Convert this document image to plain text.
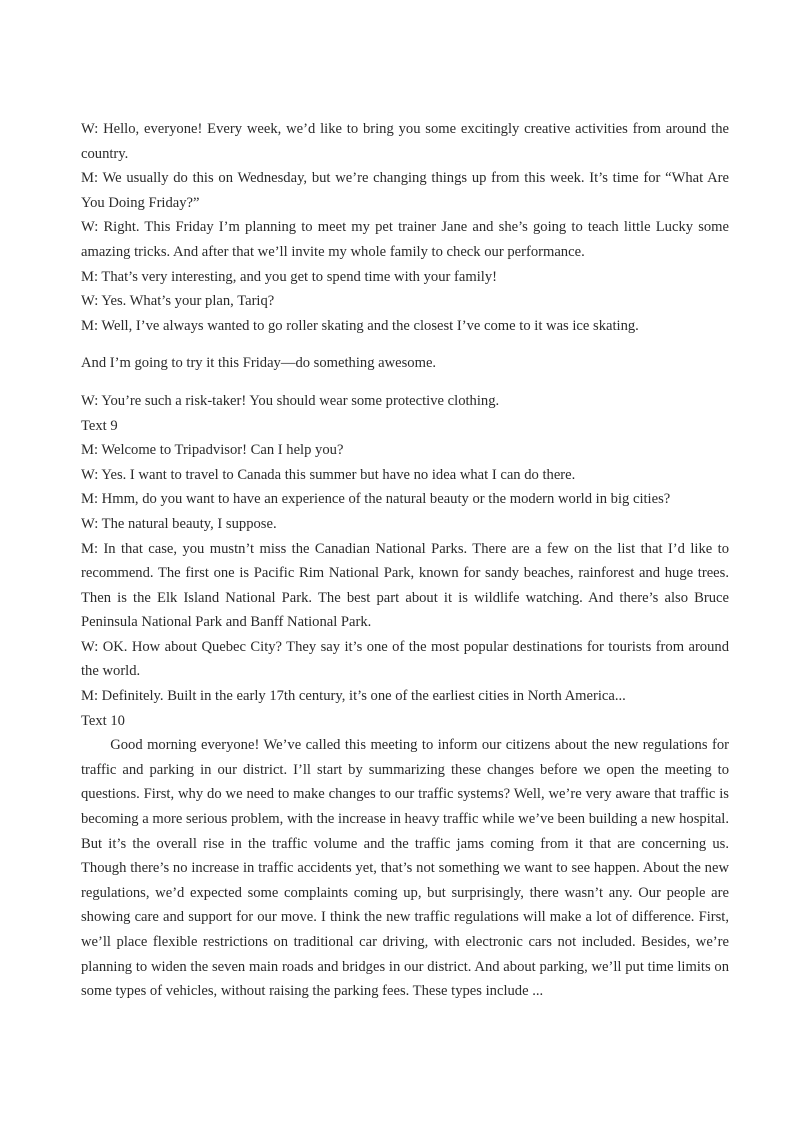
W: Hello, everyone! Every week, we’d like to bring you some excitingly creative activities from around the country.

M: We usually do this on Wednesday, but we’re changing things up from this week. It’s time for “What Are You Doing Friday?”

W: Right. This Friday I’m planning to meet my pet trainer Jane and she’s going to teach little Lucky some amazing tricks. And after that we’ll invite my whole family to check our performance.

M: That’s very interesting, and you get to spend time with your family!

W: Yes. What’s your plan, Tariq?

M: Well, I’ve always wanted to go roller skating and the closest I’ve come to it was ice skating.

And I’m going to try it this Friday—do something awesome.

W: You’re such a risk-taker! You should wear some protective clothing.

Text 9

M: Welcome to Tripadvisor! Can I help you?

W: Yes. I want to travel to Canada this summer but have no idea what I can do there.

M: Hmm, do you want to have an experience of the natural beauty or the modern world in big cities?

W: The natural beauty, I suppose.

M: In that case, you mustn’t miss the Canadian National Parks. There are a few on the list that I’d like to recommend. The first one is Pacific Rim National Park, known for sandy beaches, rainforest and huge trees. Then is the Elk Island National Park. The best part about it is wildlife watching. And there’s also Bruce Peninsula National Park and Banff National Park.

W: OK. How about Quebec City? They say it’s one of the most popular destinations for tourists from around the world.

M: Definitely. Built in the early 17th century, it’s one of the earliest cities in North America...

Text 10

Good morning everyone! We’ve called this meeting to inform our citizens about the new regulations for traffic and parking in our district. I’ll start by summarizing these changes before we open the meeting to questions. First, why do we need to make changes to our traffic systems? Well, we’re very aware that traffic is becoming a more serious problem, with the increase in heavy traffic while we’ve been building a new hospital. But it’s the overall rise in the traffic volume and the traffic jams coming from it that are concerning us. Though there’s no increase in traffic accidents yet, that’s not something we want to see happen. About the new regulations, we’d expected some complaints coming up, but surprisingly, there wasn’t any. Our people are showing care and support for our move. I think the new traffic regulations will make a lot of difference. First, we’ll place flexible restrictions on traditional car driving, with electronic cars not included. Besides, we’re planning to widen the seven main roads and bridges in our district. And about parking, we’ll put time limits on some types of vehicles, without raising the parking fees. These types include ...
